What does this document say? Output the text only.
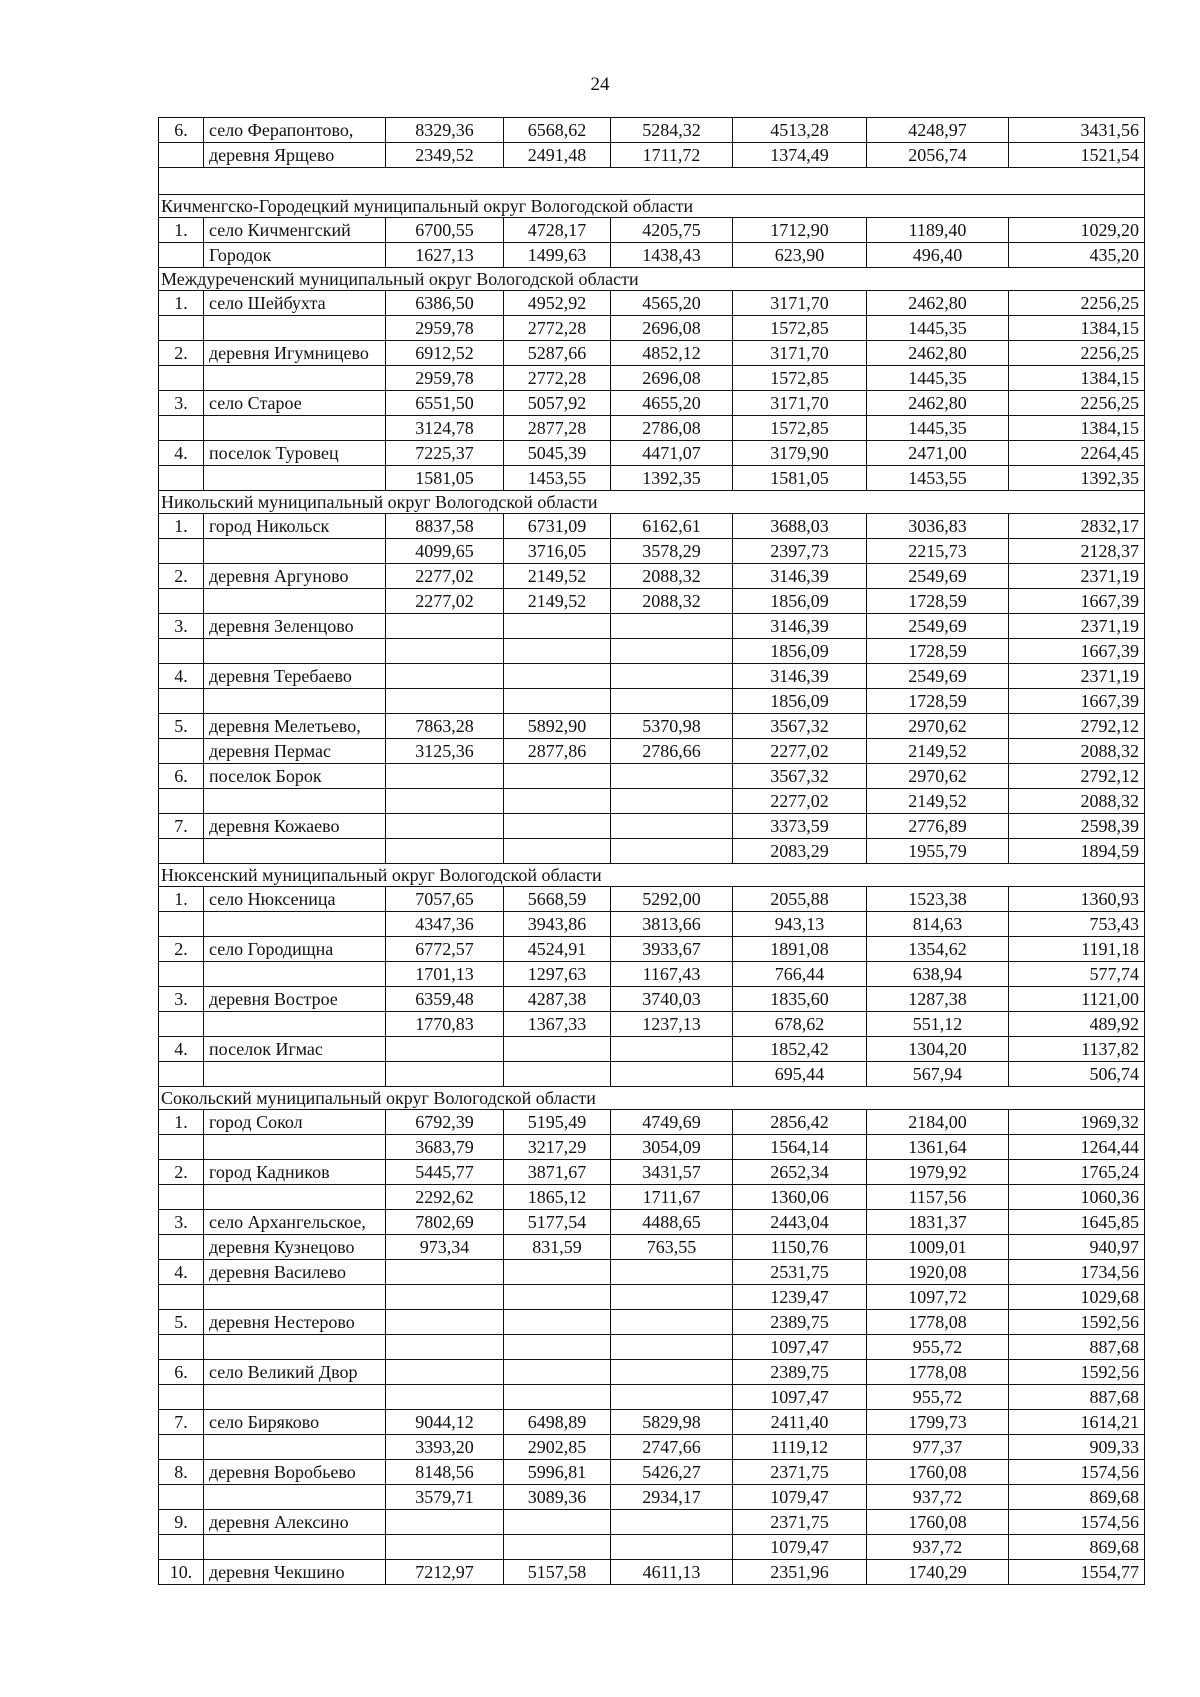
24
6.	село Ферапонтово,	8329,36	6568,62	5284,32	4513,28	4248,97	3431,56
	деревня Ярщево	2349,52	2491,48	1711,72	1374,49	2056,74	1521,54

Кичменгско-Городецкий муниципальный округ Вологодской области							
1.	село Кичменгский	6700,55	4728,17	4205,75	1712,90	1189,40	1029,20
	Городок	1627,13	1499,63	1438,43	623,90	496,40	435,20
Междуреченский муниципальный округ Вологодской области							
1.	село Шейбухта	6386,50	4952,92	4565,20	3171,70	2462,80	2256,25
		2959,78	2772,28	2696,08	1572,85	1445,35	1384,15
2.	деревня Игумницево	6912,52	5287,66	4852,12	3171,70	2462,80	2256,25
		2959,78	2772,28	2696,08	1572,85	1445,35	1384,15
3.	село Старое	6551,50	5057,92	4655,20	3171,70	2462,80	2256,25
		3124,78	2877,28	2786,08	1572,85	1445,35	1384,15
4.	поселок Туровец	7225,37	5045,39	4471,07	3179,90	2471,00	2264,45
		1581,05	1453,55	1392,35	1581,05	1453,55	1392,35
Никольский муниципальный округ Вологодской области							
1.	город Никольск	8837,58	6731,09	6162,61	3688,03	3036,83	2832,17
		4099,65	3716,05	3578,29	2397,73	2215,73	2128,37
2.	деревня Аргуново	2277,02	2149,52	2088,32	3146,39	2549,69	2371,19
		2277,02	2149,52	2088,32	1856,09	1728,59	1667,39
3.	деревня Зеленцово				3146,39	2549,69	2371,19
					1856,09	1728,59	1667,39
4.	деревня Теребаево				3146,39	2549,69	2371,19
					1856,09	1728,59	1667,39
5.	деревня Мелетьево,	7863,28	5892,90	5370,98	3567,32	2970,62	2792,12
	деревня Пермас	3125,36	2877,86	2786,66	2277,02	2149,52	2088,32
6.	поселок Борок				3567,32	2970,62	2792,12
					2277,02	2149,52	2088,32
7.	деревня Кожаево				3373,59	2776,89	2598,39
					2083,29	1955,79	1894,59
Нюксенский муниципальный округ Вологодской области							
1.	село Нюксеница	7057,65	5668,59	5292,00	2055,88	1523,38	1360,93
		4347,36	3943,86	3813,66	943,13	814,63	753,43
2.	село Городищна	6772,57	4524,91	3933,67	1891,08	1354,62	1191,18
		1701,13	1297,63	1167,43	766,44	638,94	577,74
3.	деревня Вострое	6359,48	4287,38	3740,03	1835,60	1287,38	1121,00
		1770,83	1367,33	1237,13	678,62	551,12	489,92
4.	поселок Игмас				1852,42	1304,20	1137,82
					695,44	567,94	506,74
Сокольский муниципальный округ Вологодской области							
1.	город Сокол	6792,39	5195,49	4749,69	2856,42	2184,00	1969,32
		3683,79	3217,29	3054,09	1564,14	1361,64	1264,44
2.	город Кадников	5445,77	3871,67	3431,57	2652,34	1979,92	1765,24
		2292,62	1865,12	1711,67	1360,06	1157,56	1060,36
3.	село Архангельское,	7802,69	5177,54	4488,65	2443,04	1831,37	1645,85
	деревня Кузнецово	973,34	831,59	763,55	1150,76	1009,01	940,97
4.	деревня Василево				2531,75	1920,08	1734,56
					1239,47	1097,72	1029,68
5.	деревня Нестерово				2389,75	1778,08	1592,56
					1097,47	955,72	887,68
6.	село Великий Двор				2389,75	1778,08	1592,56
					1097,47	955,72	887,68
7.	село Биряково	9044,12	6498,89	5829,98	2411,40	1799,73	1614,21
		3393,20	2902,85	2747,66	1119,12	977,37	909,33
8.	деревня Воробьево	8148,56	5996,81	5426,27	2371,75	1760,08	1574,56
		3579,71	3089,36	2934,17	1079,47	937,72	869,68
9.	деревня Алексино				2371,75	1760,08	1574,56
					1079,47	937,72	869,68
10.	деревня Чекшино	7212,97	5157,58	4611,13	2351,96	1740,29	1554,77
